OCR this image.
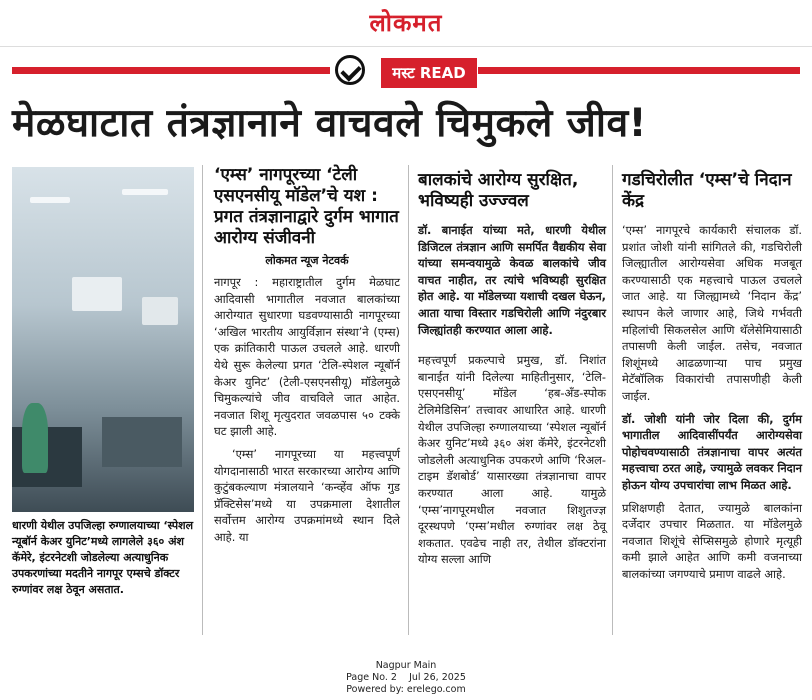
लोकमत
मस्ट READ
मेळघाटात तंत्रज्ञानाने वाचवले चिमुकले जीव!
धारणी येथील उपजिल्हा रुग्णालयाच्या ‘स्पेशल न्यूबॉर्न केअर युनिट’मध्ये लागलेले ३६० अंश कॅमेरे, इंटरनेटशी जोडलेल्या अत्याधुनिक उपकरणांच्या मदतीने नागपूर एम्सचे डॉक्टर रुग्णांवर लक्ष ठेवून असतात.
‘एम्स’ नागपूरच्या ‘टेली एसएनसीयू मॉडेल’चे यश : प्रगत तंत्रज्ञानाद्वारे दुर्गम भागात आरोग्य संजीवनी
लोकमत न्यूज नेटवर्क

नागपूर : महाराष्ट्रातील दुर्गम मेळघाट आदिवासी भागातील नवजात बालकांच्या आरोग्यात सुधारणा घडवण्यासाठी नागपूरच्या ‘अखिल भारतीय आयुर्विज्ञान संस्था’ने (एम्स) एक क्रांतिकारी पाऊल उचलले आहे. धारणी येथे सुरू केलेल्या प्रगत ‘टेलि-स्पेशल न्यूबॉर्न केअर युनिट’ (टेली-एसएनसीयू) मॉडेलमुळे चिमुकल्यांचे जीव वाचविले जात आहेत. नवजात शिशू मृत्युदरात जवळपास ५० टक्के घट झाली आहे.

‘एम्स’ नागपूरच्या या महत्त्वपूर्ण योगदानासाठी भारत सरकारच्या आरोग्य आणि कुटुंबकल्याण मंत्रालयाने ‘कन्व्हेंव ऑफ गुड प्रॅक्टिसेस’मध्ये या उपक्रमाला देशातील सर्वोत्तम आरोग्य उपक्रमांमध्ये स्थान दिले आहे. या

बालकांचे आरोग्य सुरक्षित, भविष्यही उज्ज्वल

डॉ. बानाईत यांच्या मते, धारणी येथील डिजिटल तंत्रज्ञान आणि समर्पित वैद्यकीय सेवा यांच्या समन्वयामुळे केवळ बालकांचे जीव वाचत नाहीत, तर त्यांचे भविष्यही सुरक्षित होत आहे. या मॉडेलच्या यशाची दखल घेऊन, आता याचा विस्तार गडचिरोली आणि नंदुरबार जिल्ह्यांतही करण्यात आला आहे.

महत्त्वपूर्ण प्रकल्पाचे प्रमुख, डॉ. निशांत बानाईत यांनी दिलेल्या माहितीनुसार, ‘टेलि-एसएनसीयू’ मॉडेल ‘हब-अँड-स्पोक टेलिमेडिसिन’ तत्त्वावर आधारित आहे. धारणी येथील उपजिल्हा रुग्णालयाच्या ‘स्पेशल न्यूबॉर्न केअर युनिट’मध्ये ३६० अंश कॅमेरे, इंटरनेटशी जोडलेली अत्याधुनिक उपकरणे आणि ‘रिअल-टाइम डॅशबोर्ड’ यासारख्या तंत्रज्ञानाचा वापर करण्यात आला आहे. यामुळे ‘एम्स’नागपूरमधील नवजात शिशुतज्ज्ञ दूरस्थपणे ‘एम्स’मधील रुग्णांवर लक्ष ठेवू शकतात. एवढेच नाही तर, तेथील डॉक्टरांना योग्य सल्ला आणि

गडचिरोलीत ‘एम्स’चे निदान केंद्र

‘एम्स’ नागपूरचे कार्यकारी संचालक डॉ. प्रशांत जोशी यांनी सांगितले की, गडचिरोली जिल्ह्यातील आरोग्यसेवा अधिक मजबूत करण्यासाठी एक महत्त्वाचे पाऊल उचलले जात आहे. या जिल्ह्यामध्ये ‘निदान केंद्र’ स्थापन केले जाणार आहे, जिथे गर्भवती महिलांची सिकलसेल आणि थॅलेसेमियासाठी तपासणी केली जाईल. तसेच, नवजात शिशूंमध्ये आढळणाऱ्या पाच प्रमुख मेटॅबॉलिक विकारांची तपासणीही केली जाईल.

डॉ. जोशी यांनी जोर दिला की, दुर्गम भागातील आदिवासींपर्यंत आरोग्यसेवा पोहोचवण्यासाठी तंत्रज्ञानाचा वापर अत्यंत महत्त्वाचा ठरत आहे, ज्यामुळे लवकर निदान होऊन योग्य उपचारांचा लाभ मिळत आहे.

प्रशिक्षणही देतात, ज्यामुळे बालकांना दर्जेदार उपचार मिळतात. या मॉडेलमुळे नवजात शिशूंचे सेप्सिसमुळे होणारे मृत्यूही कमी झाले आहेत आणि कमी वजनाच्या बालकांच्या जगण्याचे प्रमाण वाढले आहे.

Nagpur Main
Page No. 2 Jul 26, 2025
Powered by: erelego.com
